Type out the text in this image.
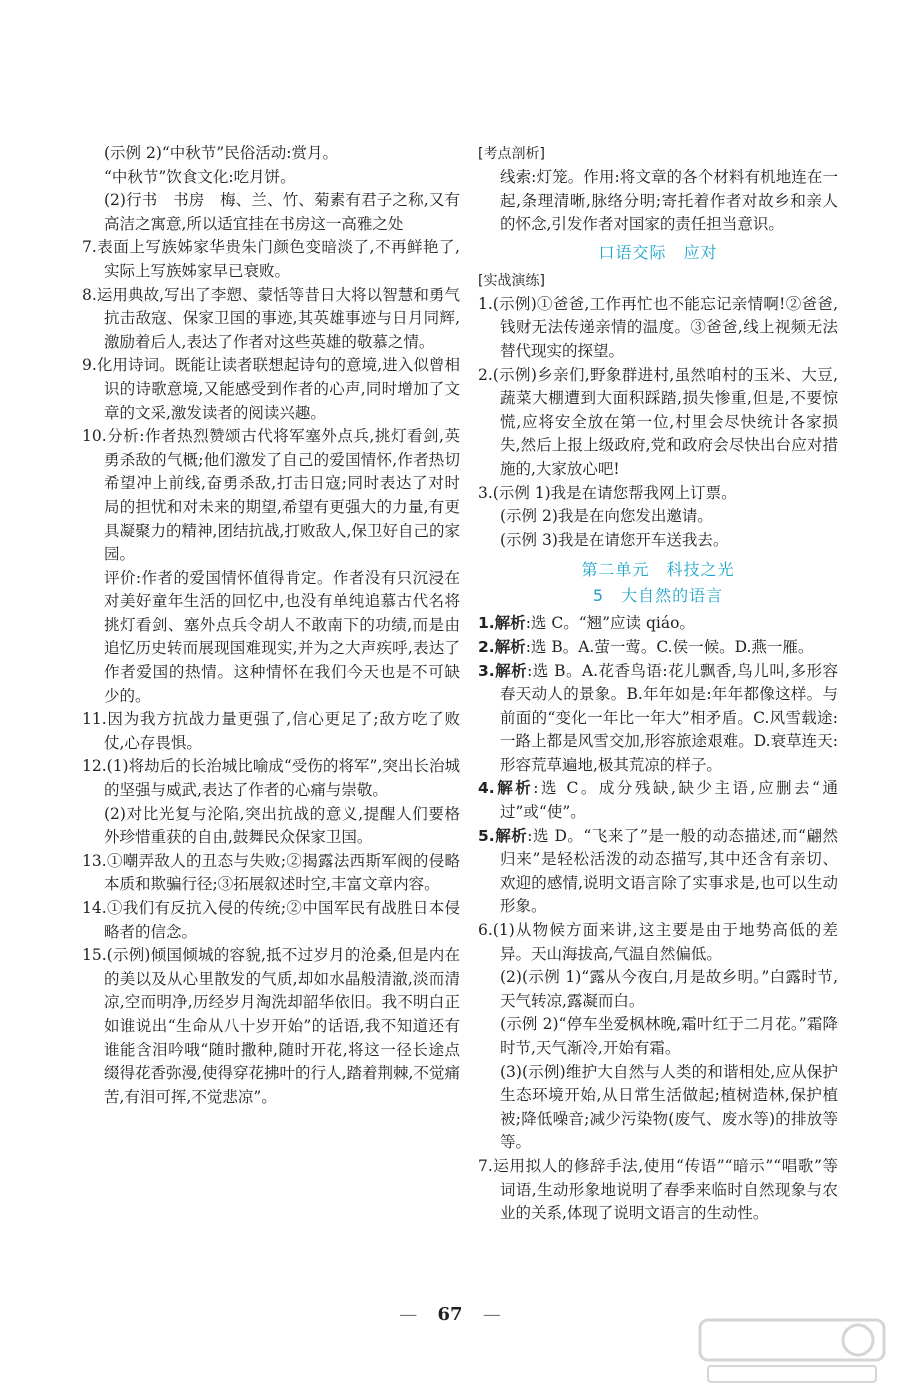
(示例 2)“中秋节”民俗活动:赏月。

“中秋节”饮食文化:吃月饼。

(2)行书　书房　梅、兰、竹、菊素有君子之称,又有高洁之寓意,所以适宜挂在书房这一高雅之处

7.表面上写族姊家华贵朱门颜色变暗淡了,不再鲜艳了,实际上写族姊家早已衰败。

8.运用典故,写出了李愬、蒙恬等昔日大将以智慧和勇气抗击敌寇、保家卫国的事迹,其英雄事迹与日月同辉,激励着后人,表达了作者对这些英雄的敬慕之情。

9.化用诗词。既能让读者联想起诗句的意境,进入似曾相识的诗歌意境,又能感受到作者的心声,同时增加了文章的文采,激发读者的阅读兴趣。

10.分析:作者热烈赞颂古代将军塞外点兵,挑灯看剑,英勇杀敌的气概;他们激发了自己的爱国情怀,作者热切希望冲上前线,奋勇杀敌,打击日寇;同时表达了对时局的担忧和对未来的期望,希望有更强大的力量,有更具凝聚力的精神,团结抗战,打败敌人,保卫好自己的家园。

评价:作者的爱国情怀值得肯定。作者没有只沉浸在对美好童年生活的回忆中,也没有单纯追慕古代名将挑灯看剑、塞外点兵令胡人不敢南下的功绩,而是由追忆历史转而展现国难现实,并为之大声疾呼,表达了作者爱国的热情。这种情怀在我们今天也是不可缺少的。

11.因为我方抗战力量更强了,信心更足了;敌方吃了败仗,心存畏惧。

12.(1)将劫后的长治城比喻成“受伤的将军”,突出长治城的坚强与威武,表达了作者的心痛与崇敬。

(2)对比光复与沦陷,突出抗战的意义,提醒人们要格外珍惜重获的自由,鼓舞民众保家卫国。

13.①嘲弄敌人的丑态与失败;②揭露法西斯军阀的侵略本质和欺骗行径;③拓展叙述时空,丰富文章内容。

14.①我们有反抗入侵的传统;②中国军民有战胜日本侵略者的信念。

15.(示例)倾国倾城的容貌,抵不过岁月的沧桑,但是内在的美以及从心里散发的气质,却如水晶般清澈,淡而清凉,空而明净,历经岁月淘洗却韶华依旧。我不明白正如谁说出“生命从八十岁开始”的话语,我不知道还有谁能含泪吟哦“随时撒种,随时开花,将这一径长途点缀得花香弥漫,使得穿花拂叶的行人,踏着荆棘,不觉痛苦,有泪可挥,不觉悲凉”。

[考点剖析]

线索:灯笼。作用:将文章的各个材料有机地连在一起,条理清晰,脉络分明;寄托着作者对故乡和亲人的怀念,引发作者对国家的责任担当意识。

口语交际　应对
[实战演练]

1.(示例)①爸爸,工作再忙也不能忘记亲情啊!②爸爸,钱财无法传递亲情的温度。③爸爸,线上视频无法替代现实的探望。

2.(示例)乡亲们,野象群进村,虽然咱村的玉米、大豆,蔬菜大棚遭到大面积踩踏,损失惨重,但是,不要惊慌,应将安全放在第一位,村里会尽快统计各家损失,然后上报上级政府,党和政府会尽快出台应对措施的,大家放心吧!

3.(示例 1)我是在请您帮我网上订票。

(示例 2)我是在向您发出邀请。

(示例 3)我是在请您开车送我去。

第二单元　科技之光
5　大自然的语言

1.解析:选 C。“翘”应读 qiáo。

2.解析:选 B。A.萤一莺。C.侯一候。D.燕一雁。

3.解析:选 B。A.花香鸟语:花儿飘香,鸟儿叫,多形容春天动人的景象。B.年年如是:年年都像这样。与前面的“变化一年比一年大”相矛盾。C.风雪载途:一路上都是风雪交加,形容旅途艰难。D.衰草连天:形容荒草遍地,极其荒凉的样子。

4.解析:选 C。成分残缺,缺少主语,应删去“通过”或“使”。

5.解析:选 D。“飞来了”是一般的动态描述,而“翩然归来”是轻松活泼的动态描写,其中还含有亲切、欢迎的感情,说明文语言除了实事求是,也可以生动形象。

6.(1)从物候方面来讲,这主要是由于地势高低的差异。天山海拔高,气温自然偏低。

(2)(示例 1)“露从今夜白,月是故乡明。”白露时节,天气转凉,露凝而白。

(示例 2)“停车坐爱枫林晚,霜叶红于二月花。”霜降时节,天气渐冷,开始有霜。

(3)(示例)维护大自然与人类的和谐相处,应从保护生态环境开始,从日常生活做起;植树造林,保护植被;降低噪音;减少污染物(废气、废水等)的排放等等。

7.运用拟人的修辞手法,使用“传语”“暗示”“唱歌”等词语,生动形象地说明了春季来临时自然现象与农业的关系,体现了说明文语言的生动性。

— 67 —
